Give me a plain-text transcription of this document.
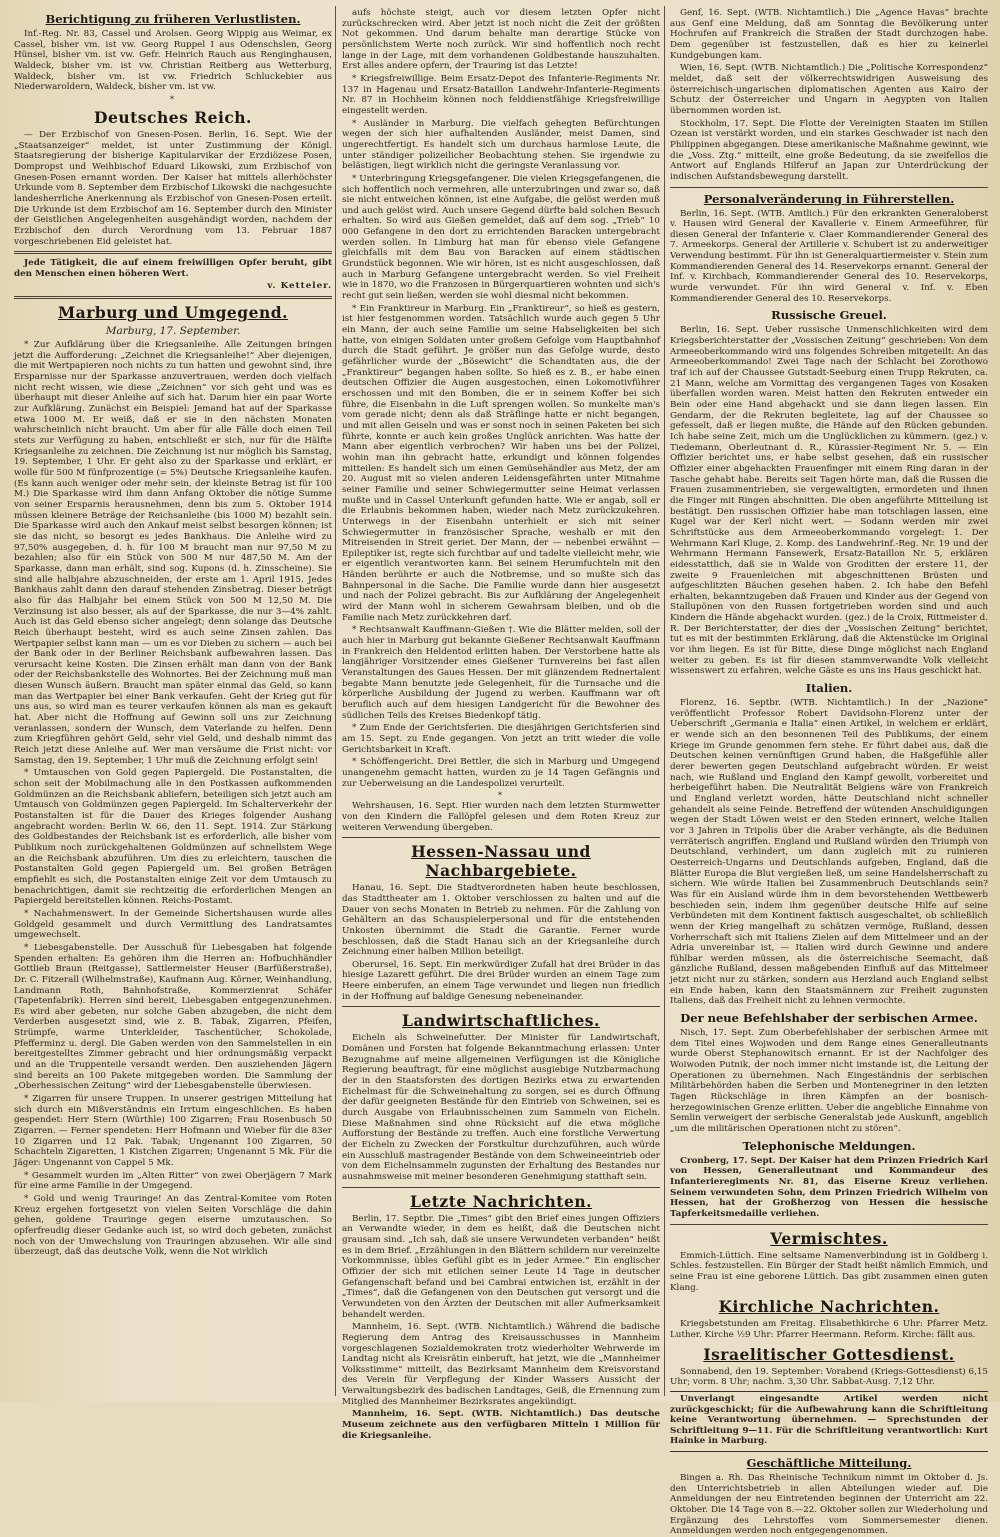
Berichtigung zu früheren Verlustlisten.

Inf.-Reg. Nr. 83, Cassel und Arolsen. Georg Wippig aus Weimar, ex Cassel, bisher vm. ist vw. Georg Ruppel I aus Odenschslen, Georg Hünsel, bisher vm. ist vw. Gefr. Heinrich Rauch aus Renginghausen, Waldeck, bisher vm. ist vw. Christian Reitberg aus Wetterburg, Waldeck, bisher vm. ist vw. Friedrich Schluckebier aus Niederwaroldern, Waldeck, bisher vm. ist vw.

*
Deutsches Reich.

— Der Erzbischof von Gnesen-Posen. Berlin, 16. Sept. Wie der „Staatsanzeiger“ meldet, ist unter Zustimmung der Königl. Staatsregierung der bisherige Kapitularvikar der Erzdiözese Posen, Dompropst und Weihbischof Eduard Likowski, zum Erzbischof von Gnesen-Posen ernannt worden. Der Kaiser hat mittels allerhöchster Urkunde vom 8. September dem Erzbischof Likowski die nachgesuchte landesherrliche Anerkennung als Erzbischof von Gnesen-Posen erteilt. Die Urkunde ist dem Erzbischof am 16. September durch den Minister der Geistlichen Angelegenheiten ausgehändigt worden, nachdem der Erzbischof den durch Verordnung vom 13. Februar 1887 vorgeschriebenen Eid geleistet hat.

Jede Tätigkeit, die auf einem freiwilligen Opfer beruht, gibt den Menschen einen höheren Wert.

v. Ketteler.

Marburg und Umgegend.
Marburg, 17. September.

* Zur Aufklärung über die Kriegsanleihe. Alle Zeitungen bringen jetzt die Aufforderung: „Zeichnet die Kriegsanleihe!“ Aber diejenigen, die mit Wertpapieren noch nichts zu tun hatten und gewohnt sind, ihre Ersparnisse nur der Sparkasse anzuvertrauen, werden doch vielfach nicht recht wissen, wie diese „Zeichnen“ vor sich geht und was es überhaupt mit dieser Anleihe auf sich hat. Darum hier ein paar Worte zur Aufklärung. Zunächst ein Beispiel: Jemand hat auf der Sparkasse etwa 1000 M. Er weiß, daß er sie in den nächsten Monaten wahrscheinlich nicht braucht. Um aber für alle Fälle doch einen Teil stets zur Verfügung zu haben, entschließt er sich, nur für die Hälfte Kriegsanleihe zu zeichnen. Die Zeichnung ist nur möglich bis Samstag, 19. September, 1 Uhr. Er geht also zu der Sparkasse und erklärt, er wolle für 500 M fünfprozentige (= 5%) Deutsche Kriegsanleihe kaufen. (Es kann auch weniger oder mehr sein, der kleinste Betrag ist für 100 M.) Die Sparkasse wird ihm dann Anfang Oktober die nötige Summe von seiner Ersparnis herausnehmen, denn bis zum 5. Oktober 1914 müssen kleinere Beträge der Reichsanleihe (bis 1000 M) bezahlt sein. Die Sparkasse wird auch den Ankauf meist selbst besorgen können; ist sie das nicht, so besorgt es jedes Bankhaus. Die Anleihe wird zu 97,50% ausgegeben, d. h. für 100 M braucht man nur 97,50 M zu bezahlen; also für ein Stück von 500 M nur 487,50 M. Am der Sparkasse, dann man erhält, sind sog. Kupons (d. h. Zinsscheine). Sie sind alle halbjahre abzuschneiden, der erste am 1. April 1915. Jedes Bankhaus zahlt dann den darauf stehenden Zinsbetrag. Dieser beträgt also für das Halbjahr bei einem Stück von 500 M 12,50 M. Die Verzinsung ist also besser, als auf der Sparkasse, die nur 3—4% zahlt. Auch ist das Geld ebenso sicher angelegt; denn solange das Deutsche Reich überhaupt besteht, wird es auch seine Zinsen zahlen. Das Wertpapier selbst kann man — um es vor Dieben zu sichern — auch bei der Bank oder in der Berliner Reichsbank aufbewahren lassen. Das verursacht keine Kosten. Die Zinsen erhält man dann von der Bank oder der Reichsbankstelle des Wohnortes. Bei der Zeichnung muß man diesen Wunsch äußern. Braucht man später einmal das Geld, so kann man das Wertpapier bei einer Bank verkaufen. Geht der Krieg gut für uns aus, so wird man es teurer verkaufen können als man es gekauft hat. Aber nicht die Hoffnung auf Gewinn soll uns zur Zeichnung veranlassen, sondern der Wunsch, dem Vaterlande zu helfen. Denn zum Kriegführen gehört Geld, sehr viel Geld, und deshalb nimmt das Reich jetzt diese Anleihe auf. Wer man versäume die Frist nicht: vor Samstag, den 19. September, 1 Uhr muß die Zeichnung erfolgt sein!

* Umtauschen von Gold gegen Papiergeld. Die Postanstalten, die schon seit der Mobilmachung alle in den Postkassen aufkommenden Goldmünzen an die Reichsbank abliefern, beteiligen sich jetzt auch am Umtausch von Goldmünzen gegen Papiergeld. Im Schalterverkehr der Postanstalten ist für die Dauer des Krieges folgender Aushang angebracht worden: Berlin W. 66, den 11. Sept. 1914. Zur Stärkung des Goldbestandes der Reichsbank ist es erforderlich, alle bisher vom Publikum noch zurückgehaltenen Goldmünzen auf schnellstem Wege an die Reichsbank abzuführen. Um dies zu erleichtern, tauschen die Postanstalten Gold gegen Papiergeld um. Bei großen Beträgen empfiehlt es sich, die Postanstalten einige Zeit vor dem Umtausch zu benachrichtigen, damit sie rechtzeitig die erforderlichen Mengen an Papiergeld bereitstellen können. Reichs-Postamt.

* Nachahmenswert. In der Gemeinde Sichertshausen wurde alles Goldgeld gesammelt und durch Vermittlung des Landratsamtes umgewechselt.

* Liebesgabenstelle. Der Ausschuß für Liebesgaben hat folgende Spenden erhalten: Es gehören ihm die Herren an: Hofbuchhändler Gottlieb Braun (Reitgasse), Sattlermeister Heuser (Barfüßerstraße), Dr. C. Fitzerall (Wilhelmstraße), Kaufmann Aug. Körner, Weinhandlung, Landmann Roth, Bahnhofstraße, Kommerzienrat Schäfer (Tapetenfabrik). Herren sind bereit, Liebesgaben entgegenzunehmen. Es wird aber gebeten, nur solche Gaben abzugeben, die nicht dem Verderben ausgesetzt sind, wie z. B. Tabak, Zigarren, Pfeifen, Strümpfe, warme Unterkleider, Taschentücher, Schokolade, Pfefferminz u. dergl. Die Gaben werden von den Sammelstellen in ein bereitgestelltes Zimmer gebracht und hier ordnungsmäßig verpackt und an die Truppenteile versandt werden. Den ausziehenden Jägern sind bereits an 100 Pakete mitgegeben worden. Die Sammlung der „Oberhessischen Zeitung“ wird der Liebesgabenstelle überwiesen.

* Zigarren für unsere Truppen. In unserer gestrigen Mitteilung hat sich durch ein Mißverständnis ein Irrtum eingeschlichen. Es haben gespendet: Herr Stern (Würthle) 100 Zigarren; Frau Rosenbusch 50 Zigarren. — Ferner spendeten: Herr Hofmann und Wieber für die 83er 10 Zigarren und 12 Pak. Tabak; Ungenannt 100 Zigarren, 50 Schachteln Zigaretten, 1 Kistchen Zigarren; Ungenannt 5 Mk. Für die Jäger: Ungenannt von Cappel 5 Mk.

* Gesammelt wurden im „Alten Ritter“ von zwei Oberjägern 7 Mark für eine arme Familie in der Umgegend.

* Gold und wenig Trauringe! An das Zentral-Komitee vom Roten Kreuz ergehen fortgesetzt von vielen Seiten Vorschläge die dahin gehen, goldene Trauringe gegen eiserne umzutauschen. So opferfreudig dieser Gedanke auch ist, so wird doch gebeten, zunächst noch von der Umwechslung von Trauringen abzusehen. Wir alle sind überzeugt, daß das deutsche Volk, wenn die Not wirklich

aufs höchste steigt, auch vor diesem letzten Opfer nicht zurückschrecken wird. Aber jetzt ist noch nicht die Zeit der größten Not gekommen. Und darum behalte man derartige Stücke von persönlichstem Werte noch zurück. Wir sind hoffentlich noch recht lange in der Lage, mit dem vorhandenen Goldbestande hauszuhalten. Erst alles andere opfern, der Trauring ist das Letzte!

* Kriegsfreiwillige. Beim Ersatz-Depot des Infanterie-Regiments Nr. 137 in Hagenau und Ersatz-Bataillon Landwehr-Infanterie-Regiments Nr. 87 in Hochheim können noch felddienstfähige Kriegsfreiwillige eingestellt werden.

* Ausländer in Marburg. Die vielfach gehegten Befürchtungen wegen der sich hier aufhaltenden Ausländer, meist Damen, sind ungerechtfertigt. Es handelt sich um durchaus harmlose Leute, die unter ständiger polizeilicher Beobachtung stehen. Sie irgendwie zu belästigen, liegt wirklich nicht die geringste Veranlassung vor.

* Unterbringung Kriegsgefangener. Die vielen Kriegsgefangenen, die sich hoffentlich noch vermehren, alle unterzubringen und zwar so, daß sie nicht entweichen können, ist eine Aufgabe, die gelöst werden muß und auch gelöst wird. Auch unsere Gegend dürfte bald solchen Besuch erhalten. So wird aus Gießen gemeldet, daß auf dem sog. „Trieb“ 10 000 Gefangene in den dort zu errichtenden Baracken untergebracht werden sollen. In Limburg hat man für ebenso viele Gefangene gleichfalls mit dem Bau von Baracken auf einem städtischen Grundstück begonnen. Wie wir hören, ist es nicht ausgeschlossen, daß auch in Marburg Gefangene untergebracht werden. So viel Freiheit wie in 1870, wo die Franzosen in Bürgerquartieren wohnten und sich's recht gut sein ließen, werden sie wohl diesmal nicht bekommen.

* Ein Franktireur in Marburg. Ein „Franktireur“, so hieß es gestern, ist hier festgenommen worden. Tatsächlich wurde auch gegen 5 Uhr ein Mann, der auch seine Familie um seine Habseligkeiten bei sich hatte, von einigen Soldaten unter großem Gefolge vom Hauptbahnhof durch die Stadt geführt. Je größer nun das Gefolge wurde, desto gefährlicher wurde der „Bösewicht“ die Schandtaten aus, die der „Franktireur“ begangen haben sollte. So hieß es z. B., er habe einen deutschen Offizier die Augen ausgestochen, einen Lokomotivführer erschossen und mit den Bomben, die er in seinem Koffer bei sich führe, die Eisenbahn in die Luft sprengen wollen. So munkelte man's vom gerade nicht; denn als daß Sträflinge hatte er nicht begangen, und mit allen Geiseln und was er sonst noch in seinen Paketen bei sich führte, konnte er auch kein großes Unglück anrichten. Was hatte der Mann aber eigentlich verbrochen? Wir haben uns bei der Polizei, wohin man ihn gebracht hatte, erkundigt und können folgendes mitteilen: Es handelt sich um einen Gemüsehändler aus Metz, der am 20. August mit so vielen anderen Leidensgefährten unter Mitnahme seiner Familie und seiner Schwiegermutter seine Heimat verlassen mußte und in Cassel Unterkunft gefunden hatte. Wie er angab, soll er die Erlaubnis bekommen haben, wieder nach Metz zurückzukehren. Unterwegs in der Eisenbahn unterhielt er sich mit seiner Schwiegermutter in französischer Sprache, weshalb er mit den Mitreisenden in Streit geriet. Der Mann, der — nebenbei erwähnt — Epileptiker ist, regte sich furchtbar auf und tadelte vielleicht mehr, wie er eigentlich verantworten kann. Bei seinem Herumfuchteln mit den Händen berührte er auch die Notbremse, und so mußte sich das Bahnpersonal in die Sache. Die Familie wurde dann hier ausgesetzt und nach der Polizei gebracht. Bis zur Aufklärung der Angelegenheit wird der Mann wohl in sicherem Gewahrsam bleiben, und ob die Familie nach Metz zurückkehren darf.

* Rechtsanwalt Kauffmann-Gießen †. Wie die Blätter melden, soll der auch hier in Marburg gut bekannte Gießener Rechtsanwalt Kauffmann in Frankreich den Heldentod erlitten haben. Der Verstorbene hatte als langjähriger Vorsitzender eines Gießener Turnvereins bei fast allen Veranstaltungen des Gaues Hessen. Der mit glänzendem Rednertalent begabte Mann benutzte jede Gelegenheit, für die Turnsache und die körperliche Ausbildung der Jugend zu werben. Kauffmann war oft beruflich auch auf dem hiesigen Landgericht für die Bewohner des südlichen Teils des Kreises Biedenkopf tätig.

* Zum Ende der Gerichtsferien. Die diesjährigen Gerichtsferien sind am 15. Sept. zu Ende gegangen. Von jetzt an tritt wieder die volle Gerichtsbarkeit in Kraft.

* Schöffengericht. Drei Bettler, die sich in Marburg und Umgegend unangenehm gemacht hatten, wurden zu je 14 Tagen Gefängnis und zur Ueberweisung an die Landespolizei verurteilt.

*

Wehrshausen, 16. Sept. Hier wurden nach dem letzten Sturmwetter von den Kindern die Fallöpfel gelesen und dem Roten Kreuz zur weiteren Verwendung übergeben.

Hessen-Nassau und Nachbargebiete.

Hanau, 16. Sept. Die Stadtverordneten haben heute beschlossen, das Stadttheater am 1. Oktober verschlossen zu halten und auf die Dauer von sechs Monaten in Betrieb zu nehmen. Für die Zahlung von Gehältern an das Schauspielerpersonal und für die entstehenden Unkosten übernimmt die Stadt die Garantie. Ferner wurde beschlossen, daß die Stadt Hanau sich an der Kriegsanleihe durch Zeichnung einer halben Million beteiligt.

Oberursel, 16. Sept. Ein merkwürdiger Zufall hat drei Brüder in das hiesige Lazarett geführt. Die drei Brüder wurden an einem Tage zum Heere einberufen, an einem Tage verwundet und liegen nun friedlich in der Hoffnung auf baldige Genesung nebeneinander.

Landwirtschaftliches.

Eicheln als Schweinefutter. Der Minister für Landwirtschaft, Domänen und Forsten hat folgende Bekanntmachung erlassen: Unter Bezugnahme auf meine allgemeinen Verfügungen ist die Königliche Regierung beauftragt, für eine möglichst ausgiebige Nutzbarmachung der in den Staatsforsten des dortigen Bezirks etwa zu erwartenden Eichelmast für die Schweinehaltung zu sorgen, sei es durch Öffnung der dafür geeigneten Bestände für den Eintrieb von Schweinen, sei es durch Ausgabe von Erlaubnisscheinen zum Sammeln von Eicheln. Diese Maßnahmen sind ohne Rücksicht auf die etwa mögliche Aufforstung der Bestände zu treffen. Auch eine forstliche Verwertung der Eicheln zu Zwecken der Forstkultur durchzuführen, auch würde ein Ausschluß mastragender Bestände von dem Schweineeintrieb oder von dem Eichelnsammeln zugunsten der Erhaltung des Bestandes nur ausnahmsweise mit meiner besonderen Genehmigung statthaft sein.

Letzte Nachrichten.

Berlin, 17. Septbr. Die „Times“ gibt den Brief eines jungen Offiziers an Verwandte wieder, in dem es heißt, daß die Deutschen nicht grausam sind. „Ich sah, daß sie unsere Verwundeten verbanden“ heißt es in dem Brief. „Erzählungen in den Blättern schildern nur vereinzelte Vorkommnisse, übles Gefühl gibt es in jeder Armee.“ Ein englischer Offizier der sich mit etlichen seiner Leute 14 Tage in deutscher Gefangenschaft befand und bei Cambrai entwichen ist, erzählt in der „Times“, daß die Gefangenen von den Deutschen gut versorgt und die Verwundeten von den Ärzten der Deutschen mit aller Aufmerksamkeit behandelt werden.

Mannheim, 16. Sept. (WTB. Nichtamtlich.) Während die badische Regierung dem Antrag des Kreisausschusses in Mannheim vorgeschlagenen Sozialdemokraten trotz wiederholter Wehrwerde im Landtag nicht als Kreisrätin einberuft, hat jetzt, wie die „Mannheimer Volksstimme“ mitteilt, das Bezirksamt Mannheim dem Kreisvorstand des Verein für Verpflegung der Kinder Wassers Aussicht der Verwaltungsbezirk des badischen Landtages, Geiß, die Ernennung zum Mitglied des Mannheimer Bezirksrates angekündigt.

Mannheim, 16. Sept. (WTB. Nichtamtlich.) Das deutsche Museum zeichnete aus den verfügbaren Mitteln 1 Million für die Kriegsanleihe.

Genf, 16. Sept. (WTB. Nichtamtlich.) Die „Agence Havas“ brachte aus Genf eine Meldung, daß am Sonntag die Bevölkerung unter Hochrufen auf Frankreich die Straßen der Stadt durchzogen habe. Dem gegenüber ist festzustellen, daß es hier zu keinerlei Kundgebungen kam.

Wien, 16. Sept. (WTB. Nichtamtlich.) Die „Politische Korrespondenz“ meldet, daß seit der völkerrechtswidrigen Ausweisung des österreichisch-ungarischen diplomatischen Agenten aus Kairo der Schutz der Österreicher und Ungarn in Aegypten von Italien übernommen worden ist.

Stockholm, 17. Sept. Die Flotte der Vereinigten Staaten im Stillen Ozean ist verstärkt worden, und ein starkes Geschwader ist nach den Philippinen abgegangen. Diese amerikanische Maßnahme gewinnt, wie die „Voss. Ztg.“ mitteilt, eine große Bedeutung, da sie zweifellos die Antwort auf Englands Hilferuf an Japan zur Unterdrückung der indischen Aufstandsbewegung darstellt.

Personalveränderung in Führerstellen.

Berlin, 16. Sept. (WTB. Amtlich.) Für den erkrankten Generaloberst v. Hausen wird General der Kavallerie v. Einem Armeeführer, für diesen General der Infanterie v. Claer Kommandierender General des 7. Armeekorps. General der Artillerie v. Schubert ist zu anderweitiger Verwendung bestimmt. Für ihn ist Generalquartiermeister v. Stein zum Kommandierenden General des 14. Reservekorps ernannt. General der Inf. v. Kirchbach, Kommandierender General des 10. Reservekorps, wurde verwundet. Für ihn wird General v. Inf. v. Eben Kommandierender General des 10. Reservekorps.

Russische Greuel.

Berlin, 16. Sept. Ueber russische Unmenschlichkeiten wird dem Kriegsberichterstatter der „Vossischen Zeitung“ geschrieben: Von dem Armeeoberkommando wird uns folgendes Schreiben mitgeteilt: An das Armeeoberkommando! Zwei Tage nach der Schlacht bei Zorothowo traf ich auf der Chaussee Gutstadt-Seeburg einen Trupp Rekruten, ca. 21 Mann, welche am Vormittag des vergangenen Tages von Kosaken überfallen worden waren. Meist hatten den Rekruten entweder ein Bein oder eine Hand abgehackt und sie dann liegen lassen. Ein Gendarm, der die Rekruten begleitete, lag auf der Chaussee so gefesselt, daß er liegen mußte, die Hände auf den Rücken gebunden. Ich habe seine Zeit, mich um die Unglücklichen zu kümmern. (gez.) v. Tiedemann, Oberleutnant d. R., Kürassier-Regiment Nr. 5. — Ein Offizier berichtet uns, er habe selbst gesehen, daß ein russischer Offizier einer abgehackten Frauenfinger mit einem Ring daran in der Tasche gehabt habe. Bereits seit Tagen hörte man, daß die Russen die Frauen zusammentrieben, sie vergewaltigten, ermordeten und ihnen die Finger mit Ringen abschnitten. Die oben angeführte Mitteilung ist bestätigt. Den russischen Offizier habe man totschlagen lassen, eine Kugel war der Kerl nicht wert. — Sodann werden mir zwei Schriftstücke aus dem Armeeoberkommando vorgelegt: 1. Der Wehrmann Karl Kluge, 2. Komp. des Landwehrinf.-Reg. Nr. 19 und der Wehrmann Hermann Fansewerk, Ersatz-Bataillon Nr. 5, erklären eidesstattlich, daß sie in Walde von Groditten der erstere 11, der zweite 9 Frauenleichen mit abgeschnittenen Brüsten und aufgeschlitzten Bäuchen gesehen haben. 2. Ich habe den Befehl erhalten, bekanntzugeben daß Frauen und Kinder aus der Gegend von Stallupönen von den Russen fortgetrieben worden sind und auch Kindern die Hände abgehackt wurden. (gez.) de la Croix, Rittmeister d. R. Der Berichterstatter, der dies der „Vossischen Zeitung“ berichtet, tut es mit der bestimmten Erklärung, daß die Aktenstücke im Original vor ihm liegen. Es ist für Bitte, diese Dinge möglichst nach England weiter zu geben. Es ist für diesen stammverwandte Volk vielleicht wissenswert zu erfahren, welche Gäste es uns ins Haus geschickt hat.

Italien.

Florenz, 16. Septbr. (WTB. Nichtamtlich.) In der „Nazione“ veröffentlicht Professor Robert Davidsohn-Florenz unter der Ueberschrift „Germania e Italia“ einen Artikel, in welchem er erklärt, er wende sich an den besonnenen Teil des Publikums, der einem Kriege im Grunde genommen fern stehe. Er führt dabei aus, daß die Deutschen keinen vernünftigen Grund haben, die Haßgefühle aller derer bewerten gegen Deutschland aufgebracht würden. Er weist nach, wie Rußland und England den Kampf gewollt, vorbereitet und herbeigeführt haben. Die Neutralität Belgiens wäre von Frankreich und England verletzt worden, hätte Deutschland nicht schneller gehandelt als seine Feinde. Betreffend der wütenden Anschuldigungen wegen der Stadt Löwen weist er den Steden erinnert, welche Italien vor 3 Jahren in Tripolis über die Araber verhängte, als die Beduinen verräterisch angriffen. England und Rußland würden den Triumph von Deutschland, verhindert, um dann zugleich mit zu ruinieren Oesterreich-Ungarns und Deutschlands aufgeben, England, daß die Blätter Europa die Blut vergießen ließ, um seine Handelsherrschaft zu sichern. Wie würde Italien bei Zusammenbruch Deutschlands sein? Was für ein Ausland würde ihm in dem bevorstehenden Wettbewerb beschieden sein, indem ihm gegenüber deutsche Hilfe auf seine Verbündeten mit dem Kontinent faktisch ausgeschaltet, ob schließlich wenn der Krieg mangelhaft zu schätzen vermöge, Rußland, dessen Vorherrschaft sich mit Italiens Zielen auf dem Mittelmeer und an der Adria unvereinbar ist, — Italien wird durch Gewinne und andere fühlbar werden müssen, als die österreichische Seemacht, daß gänzliche Rußland, dessen maßgebenden Einfluß auf das Mittelmeer jetzt nicht nur zu stärken, sondern aus Herzland auch England selbst ein Ende haben, kann den Staatsmännern zur Freiheit zugunsten Italiens, daß das Freiheit nicht zu lehnen vermochte.

Der neue Befehlshaber der serbischen Armee.

Nisch, 17. Sept. Zum Oberbefehlshaber der serbischen Armee mit dem Titel eines Wojwoden und dem Range eines Generalleutnants wurde Oberst Stephanowitsch ernannt. Er ist der Nachfolger des Woiwoden Putnik, der noch immer nicht imstande ist, die Leitung der Operationen zu übernehmen. Nach Eingeständnis der serbischen Militärbehörden haben die Serben und Montenegriner in den letzten Tagen Rückschläge in ihren Kämpfen an der bosnisch-herzegowinischen Grenze erlitten. Ueber die angebliche Einnahme von Semlin verweigert der serbische Generalstab jede Auskunft, angeblich „um die militärischen Operationen nicht zu stören“.

Telephonische Meldungen.

Cronberg, 17. Sept. Der Kaiser hat dem Prinzen Friedrich Karl von Hessen, Generalleutnant und Kommandeur des Infanterieregiments Nr. 81, das Eiserne Kreuz verliehen. Seinem verwundeten Sohn, dem Prinzen Friedrich Wilhelm von Hessen, hat der Großherzog von Hessen die hessische Tapferkeitsmedaille verliehen.

Vermischtes.

Emmich-Lüttich. Eine seltsame Namenverbindung ist in Goldberg i. Schles. festzustellen. Ein Bürger der Stadt heißt nämlich Emmich, und seine Frau ist eine geborene Lüttich. Das gibt zusammen einen guten Klang.

Kirchliche Nachrichten.

Kriegsbetstunden am Freitag. Elisabethkirche 6 Uhr: Pfarrer Metz. Luther. Kirche ½9 Uhr: Pfarrer Heermann. Reform. Kirche: fällt aus.

Israelitischer Gottesdienst.

Sonnabend, den 19. September: Vorabend (Kriegs-Gottesdienst) 6,15 Uhr; vorm. 8 Uhr; nachm. 3,30 Uhr. Sabbat-Ausg. 7,12 Uhr.

Unverlangt eingesandte Artikel werden nicht zurückgeschickt; für die Aufbewahrung kann die Schriftleitung keine Verantwortung übernehmen. — Sprechstunden der Schriftleitung 9—11. Für die Schriftleitung verantwortlich: Kurt Hainke in Marburg.

Geschäftliche Mitteilung.

Bingen a. Rh. Das Rheinische Technikum nimmt im Oktober d. Js. den Unterrichtsbetrieb in allen Abteilungen wieder auf. Die Anmeldungen der neu Eintretenden beginnen der Unterricht am 22. Oktober. Die 14 Tage von 8.—22. Oktober sollen zur Wiederholung und Ergänzung des Lehrstoffes vom Sommersemester dienen. Anmeldungen werden noch entgegengenommen.
